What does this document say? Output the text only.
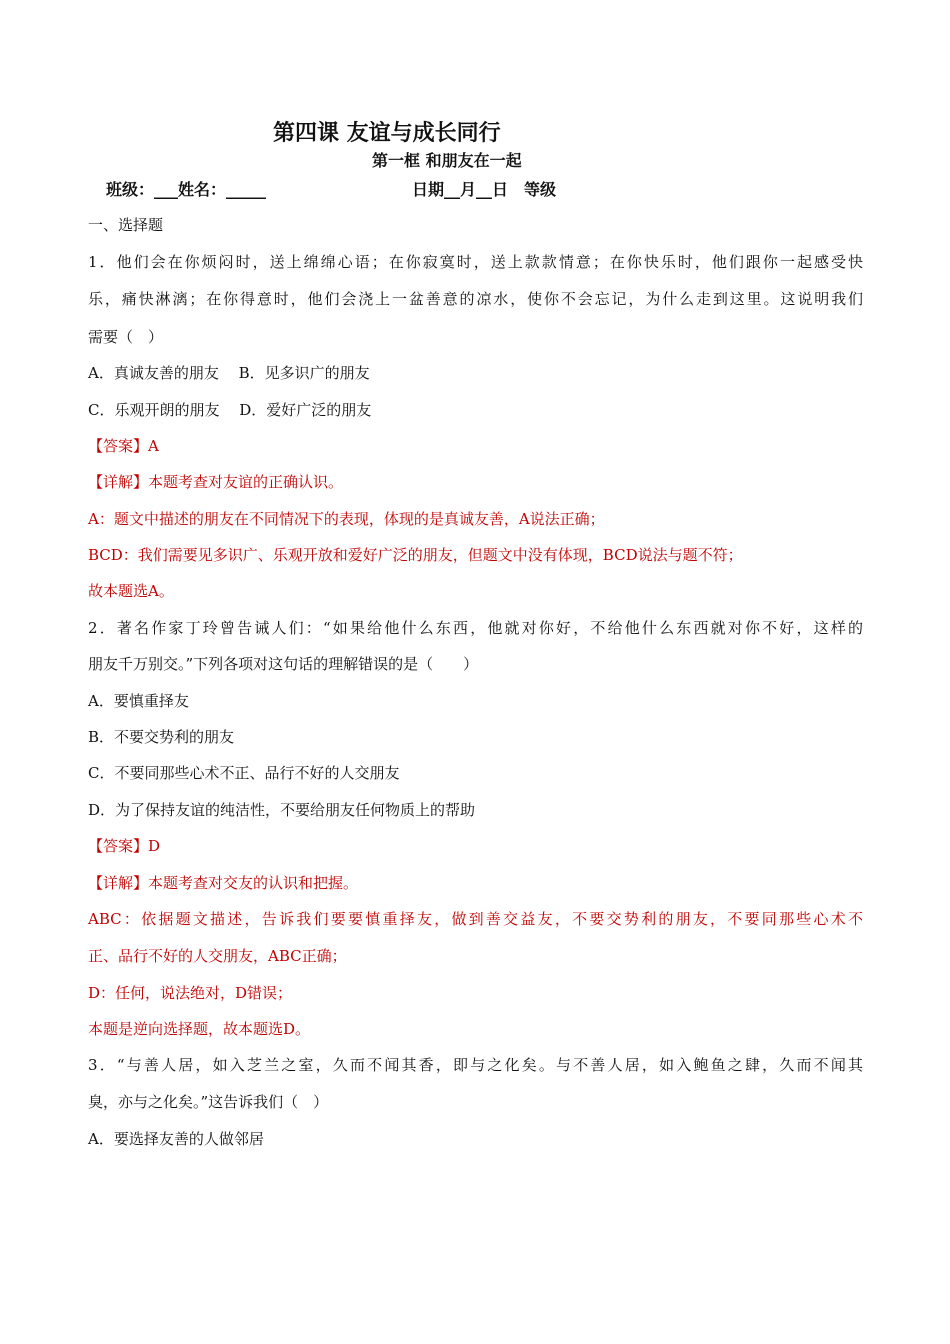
第四课 友谊与成长同行
第一框 和朋友在一起
班级：___姓名：_____	日期__月__日　等级
一、选择题
1．他们会在你烦闷时，送上绵绵心语；在你寂寞时，送上款款情意；在你快乐时，他们跟你一起感受快
乐，痛快淋漓；在你得意时，他们会浇上一盆善意的凉水，使你不会忘记，为什么走到这里。这说明我们
需要（　）
A．真诚友善的朋友　 B．见多识广的朋友
C．乐观开朗的朋友　 D．爱好广泛的朋友
【答案】A
【详解】本题考查对友谊的正确认识。
A：题文中描述的朋友在不同情况下的表现，体现的是真诚友善，A说法正确；
BCD：我们需要见多识广、乐观开放和爱好广泛的朋友，但题文中没有体现，BCD说法与题不符；
故本题选A。
2．著名作家丁玲曾告诫人们：“如果给他什么东西，他就对你好，不给他什么东西就对你不好，这样的
朋友千万别交。”下列各项对这句话的理解错误的是（　　）
A．要慎重择友
B．不要交势利的朋友
C．不要同那些心术不正、品行不好的人交朋友
D．为了保持友谊的纯洁性，不要给朋友任何物质上的帮助
【答案】D
【详解】本题考查对交友的认识和把握。
ABC：依据题文描述，告诉我们要要慎重择友，做到善交益友，不要交势利的朋友，不要同那些心术不
正、品行不好的人交朋友，ABC正确；
D：任何，说法绝对，D错误；
本题是逆向选择题，故本题选D。
3．“与善人居，如入芝兰之室，久而不闻其香，即与之化矣。与不善人居，如入鲍鱼之肆，久而不闻其
臭，亦与之化矣。”这告诉我们（　）
A．要选择友善的人做邻居
